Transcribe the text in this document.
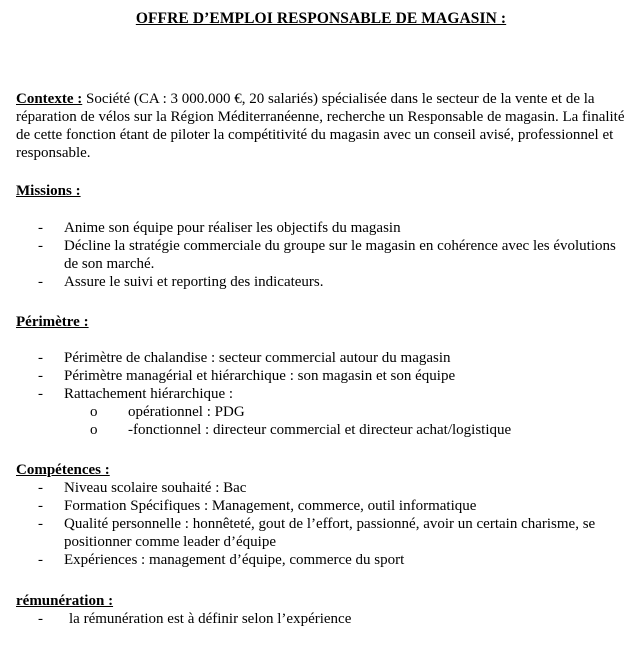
OFFRE D’EMPLOI RESPONSABLE DE MAGASIN :
Contexte : Société (CA : 3 000.000 €, 20 salariés) spécialisée dans le secteur de la vente et de la réparation de vélos sur la Région Méditerranéenne, recherche un Responsable de magasin. La finalité de cette fonction étant de piloter la compétitivité du magasin avec un conseil avisé, professionnel et responsable.
Missions :
- Anime son équipe pour réaliser les objectifs du magasin
- Décline la stratégie commerciale du groupe sur le magasin en cohérence avec les évolutions de son marché.
- Assure le suivi et reporting des indicateurs.
Périmètre :
- Périmètre de chalandise : secteur commercial autour du magasin
- Périmètre managérial et hiérarchique : son magasin et son équipe
- Rattachement hiérarchique :
o opérationnel : PDG
o -fonctionnel : directeur commercial et directeur achat/logistique
Compétences :
- Niveau scolaire souhaité : Bac
- Formation Spécifiques : Management, commerce, outil informatique
- Qualité personnelle : honnêteté, gout de l’effort, passionné, avoir un certain charisme, se positionner comme leader d’équipe
- Expériences : management d’équipe, commerce du sport
rémunération :
- la rémunération est à définir selon l’expérience
